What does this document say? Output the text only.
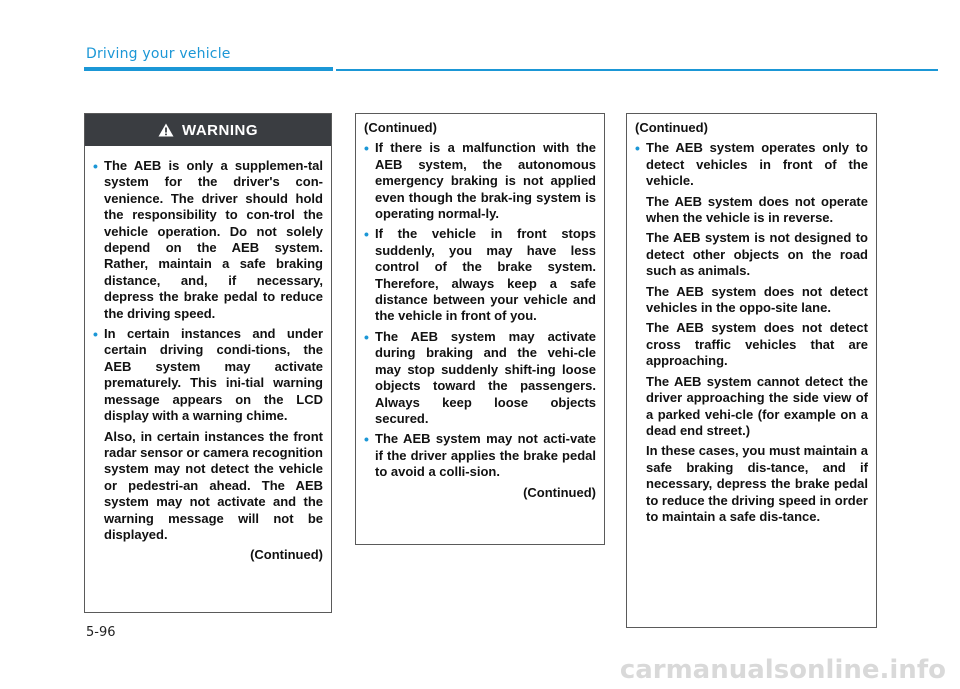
Driving your vehicle
WARNING
• The AEB is only a supplemen-tal system for the driver's con-venience. The driver should hold the responsibility to con-trol the vehicle operation. Do not solely depend on the AEB system. Rather, maintain a safe braking distance, and, if necessary, depress the brake pedal to reduce the driving speed.
• In certain instances and under certain driving condi-tions, the AEB system may activate prematurely. This ini-tial warning message appears on the LCD display with a warning chime.
Also, in certain instances the front radar sensor or camera recognition system may not detect the vehicle or pedestri-an ahead. The AEB system may not activate and the warning message will not be displayed.
(Continued)
(Continued)
• If there is a malfunction with the AEB system, the autonomous emergency braking is not applied even though the brak-ing system is operating normal-ly.
• If the vehicle in front stops suddenly, you may have less control of the brake system. Therefore, always keep a safe distance between your vehicle and the vehicle in front of you.
• The AEB system may activate during braking and the vehi-cle may stop suddenly shift-ing loose objects toward the passengers. Always keep loose objects secured.
• The AEB system may not acti-vate if the driver applies the brake pedal to avoid a colli-sion.
(Continued)
(Continued)
• The AEB system operates only to detect vehicles in front of the vehicle.
The AEB system does not operate when the vehicle is in reverse.
The AEB system is not designed to detect other objects on the road such as animals.
The AEB system does not detect vehicles in the oppo-site lane.
The AEB system does not detect cross traffic vehicles that are approaching.
The AEB system cannot detect the driver approaching the side view of a parked vehi-cle (for example on a dead end street.)
In these cases, you must maintain a safe braking dis-tance, and if necessary, depress the brake pedal to reduce the driving speed in order to maintain a safe dis-tance.
5-96
carmanualsonline.info
